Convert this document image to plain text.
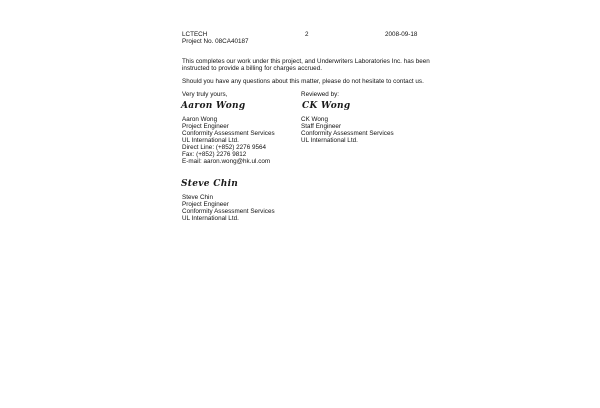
LCTECH	2	2008-09-18
Project No. 08CA40187
This completes our work under this project, and Underwriters Laboratories Inc. has been
instructed to provide a billing for charges accrued.
Should you have any questions about this matter, please do not hesitate to contact us.
Very truly yours,	Reviewed by:
Aaron Wong	CK Wong
Aaron Wong
Project Engineer
Conformity Assessment Services
UL International Ltd.
Direct Line: (+852) 2276 9564
Fax: (+852) 2276 9812
E-mail: aaron.wong@hk.ul.com
CK Wong
Staff Engineer
Conformity Assessment Services
UL International Ltd.
Steve Chin
Steve Chin
Project Engineer
Conformity Assessment Services
UL International Ltd.
